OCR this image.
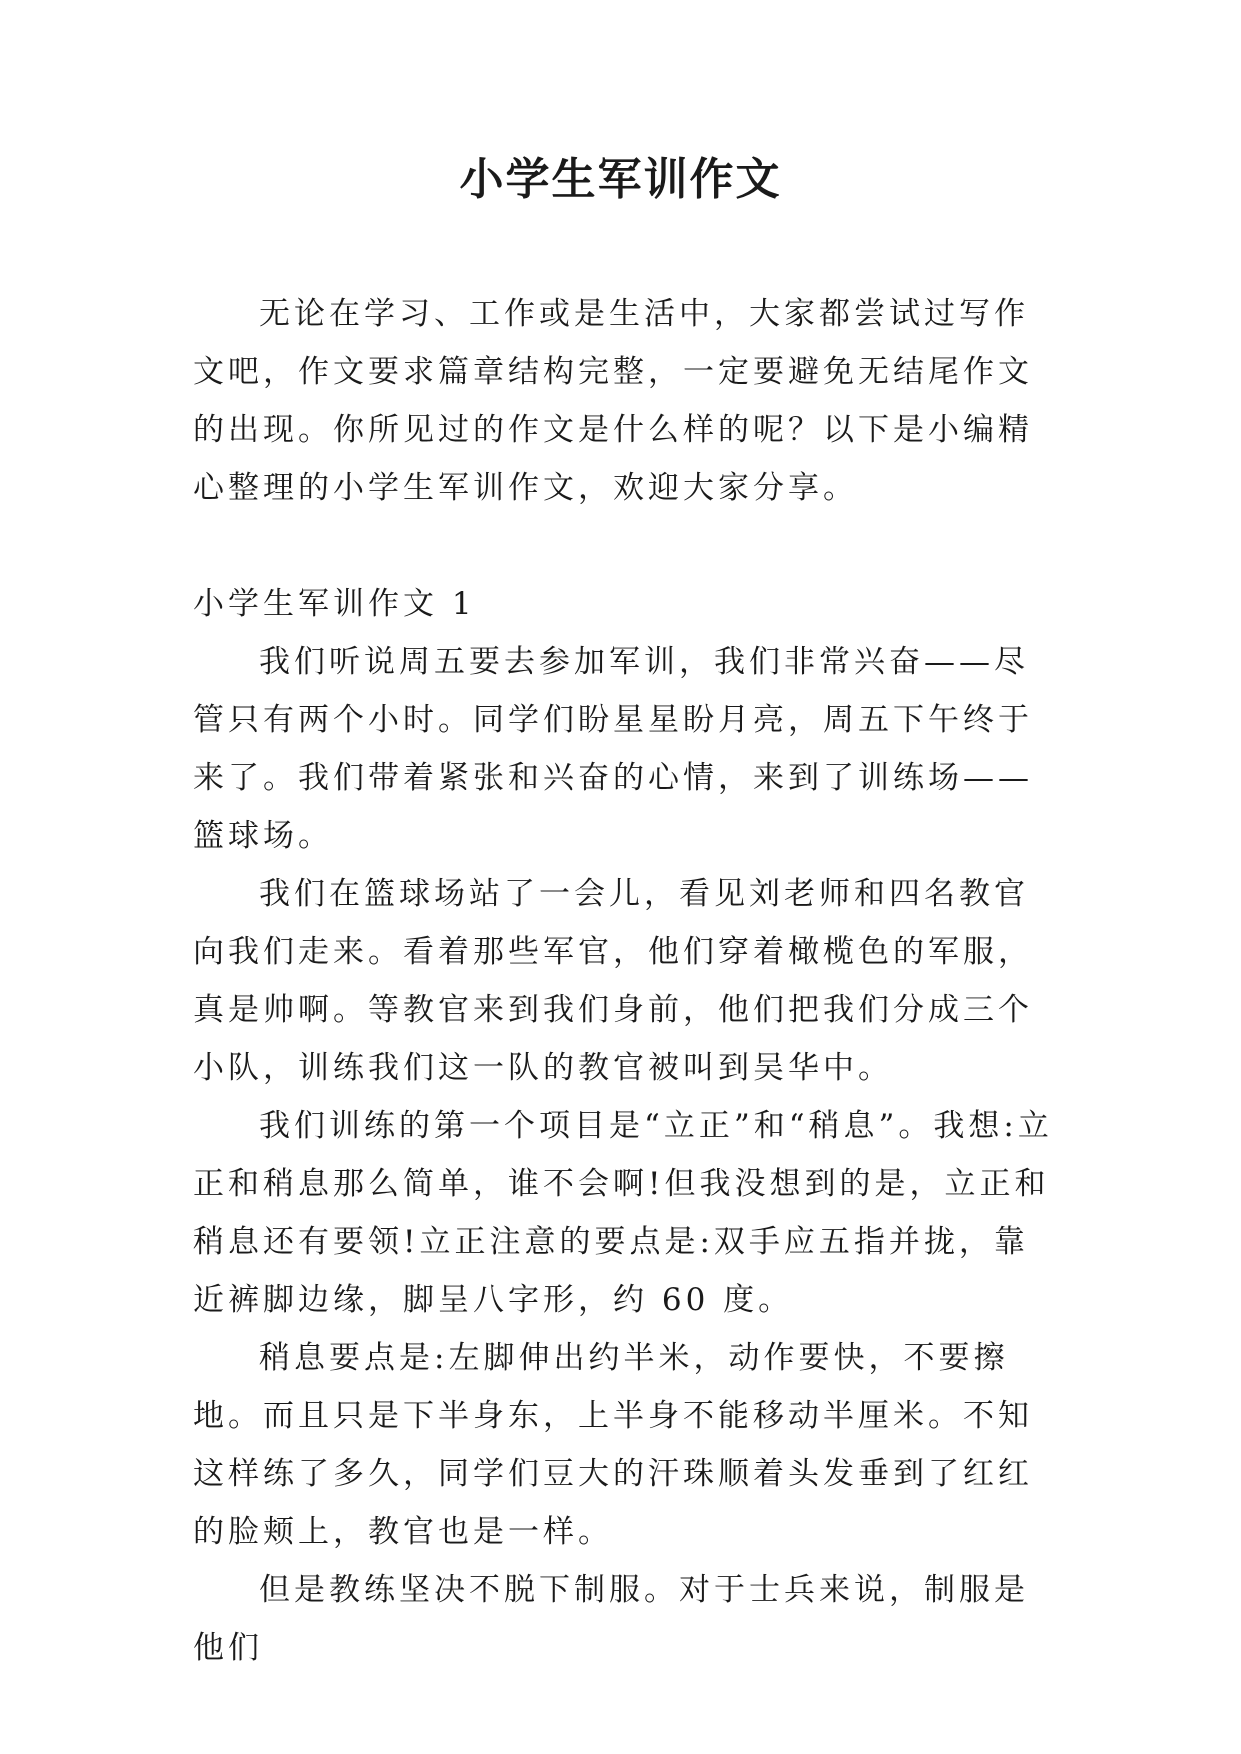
小学生军训作文

无论在学习、工作或是生活中，大家都尝试过写作文吧，作文要求篇章结构完整，一定要避免无结尾作文的出现。你所见过的作文是什么样的呢？以下是小编精心整理的小学生军训作文，欢迎大家分享。

小学生军训作文 1

我们听说周五要去参加军训，我们非常兴奋——尽管只有两个小时。同学们盼星星盼月亮，周五下午终于来了。我们带着紧张和兴奋的心情，来到了训练场——篮球场。

我们在篮球场站了一会儿，看见刘老师和四名教官向我们走来。看着那些军官，他们穿着橄榄色的军服，真是帅啊。等教官来到我们身前，他们把我们分成三个小队，训练我们这一队的教官被叫到吴华中。

我们训练的第一个项目是“立正”和“稍息”。我想:立正和稍息那么简单，谁不会啊!但我没想到的是，立正和稍息还有要领!立正注意的要点是:双手应五指并拢，靠近裤脚边缘，脚呈八字形，约 60 度。

稍息要点是:左脚伸出约半米，动作要快，不要擦地。而且只是下半身东，上半身不能移动半厘米。不知这样练了多久，同学们豆大的汗珠顺着头发垂到了红红的脸颊上，教官也是一样。

但是教练坚决不脱下制服。对于士兵来说，制服是他们
